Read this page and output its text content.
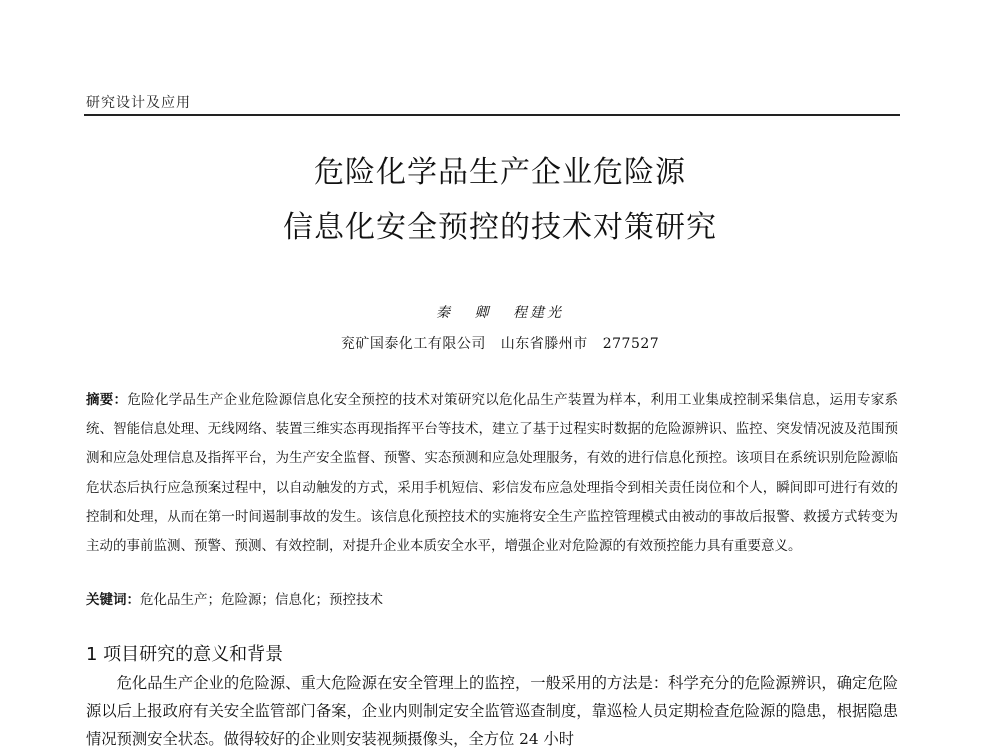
研究设计及应用
危险化学品生产企业危险源
信息化安全预控的技术对策研究
秦 卿 程建光
兖矿国泰化工有限公司 山东省滕州市 277527

摘要：危险化学品生产企业危险源信息化安全预控的技术对策研究以危化品生产装置为样本，利用工业集成控制采集信息，运用专家系统、智能信息处理、无线网络、装置三维实态再现指挥平台等技术，建立了基于过程实时数据的危险源辨识、监控、突发情况波及范围预测和应急处理信息及指挥平台，为生产安全监督、预警、实态预测和应急处理服务，有效的进行信息化预控。该项目在系统识别危险源临危状态后执行应急预案过程中，以自动触发的方式，采用手机短信、彩信发布应急处理指令到相关责任岗位和个人，瞬间即可进行有效的控制和处理，从而在第一时间遏制事故的发生。该信息化预控技术的实施将安全生产监控管理模式由被动的事故后报警、救援方式转变为主动的事前监测、预警、预测、有效控制，对提升企业本质安全水平，增强企业对危险源的有效预控能力具有重要意义。

关键词：危化品生产；危险源；信息化；预控技术

1 项目研究的意义和背景

危化品生产企业的危险源、重大危险源在安全管理上的监控，一般采用的方法是：科学充分的危险源辨识，确定危险源以后上报政府有关安全监管部门备案，企业内则制定安全监管巡查制度，靠巡检人员定期检查危险源的隐患，根据隐患情况预测安全状态。做得较好的企业则安装视频摄像头，全方位 24 小时
